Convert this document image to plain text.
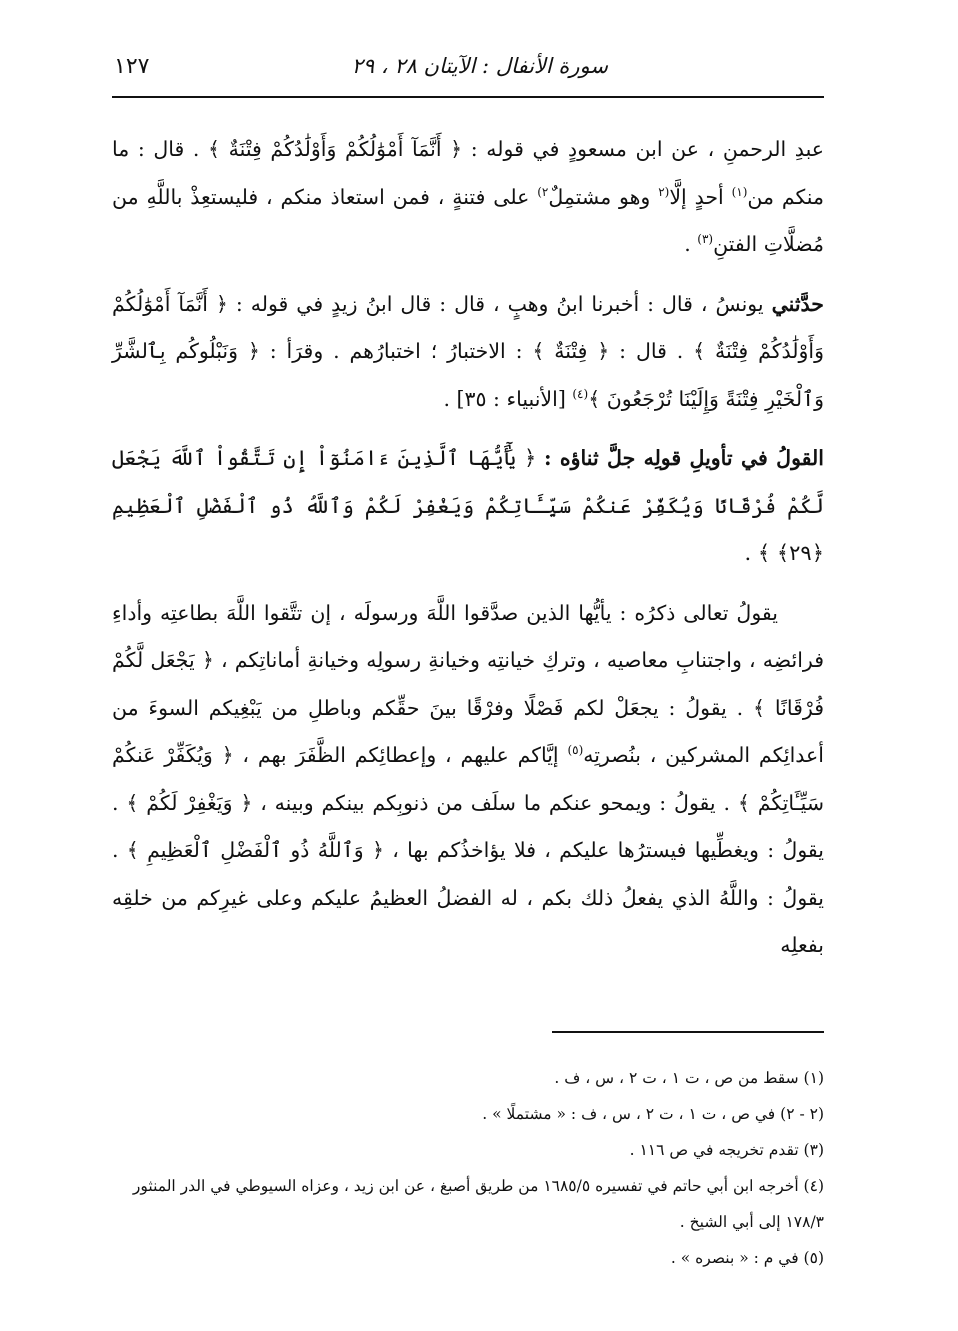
سورة الأنفال : الآيتان ٢٨ ، ٢٩
١٢٧

عبدِ الرحمنِ ، عن ابن مسعودٍ في قوله : ﴿ أَنَّمَآ أَمْوَٰلُكُمْ وَأَوْلَٰدُكُمْ فِتْنَةٌ ﴾ . قال : ما منكم من$^{(١)}$ أحدٍ إلَّا$^{(٢}$ وهو مشتمِلٌ$^{٢)}$ على فتنةٍ ، فمن استعاذ منكم ، فليستعِذْ باللَّهِ من مُضلَّاتِ الفتنِ$^{(٣)}$ .

حدَّثني يونسُ ، قال : أخبرنا ابنُ وهبٍ ، قال : قال ابنُ زيدٍ في قوله : ﴿ أَنَّمَآ أَمْوَٰلُكُمْ وَأَوْلَٰدُكُمْ فِتْنَةٌ ﴾ . قال : ﴿ فِتْنَةٌ ﴾ : الاختبارُ ؛ اختبارُهم . وقرَأ : ﴿ وَنَبْلُوكُم بِٱلشَّرِّ وَٱلْخَيْرِ فِتْنَةً وَإِلَيْنَا تُرْجَعُونَ ﴾$^{(٤)}$ [الأنبياء : ٣٥] .

القولُ في تأويلِ قولِه جلَّ ثناؤه : ﴿ يَٰٓأَيُّهَا ٱلَّذِينَ ءَامَنُوٓاْ إِن تَتَّقُواْ ٱللَّهَ يَجْعَل لَّكُمْ فُرْقَانًا وَيُكَفِّرْ عَنكُمْ سَيِّـَٔاتِكُمْ وَيَغْفِرْ لَكُمْ وَٱللَّهُ ذُو ٱلْفَضْلِ ٱلْعَظِيمِ ﴿٢٩﴾ ﴾ .

يقولُ تعالى ذكرُه : يأيُّها الذين صدَّقوا اللَّهَ ورسولَه ، إن تتَّقوا اللَّهَ بطاعتِه وأداءِ فرائضِه ، واجتنابِ معاصيه ، وتركِ خيانتِه وخيانةِ رسولِه وخيانةِ أماناتِكم ، ﴿ يَجْعَل لَّكُمْ فُرْقَانًا ﴾ . يقولُ : يجعَلْ لكم فَصْلًا وفرْقًا بينَ حقِّكم وباطلِ من يَبْغِيكم السوءَ من أعدائِكم المشركين ، بنُصرتِه$^{(٥)}$ إيَّاكم عليهم ، وإعطائِكم الظَّفَرَ بهم ، ﴿ وَيُكَفِّرْ عَنكُمْ سَيِّـَٔاتِكُمْ ﴾ . يقولُ : ويمحو عنكم ما سلَف من ذنوبِكم بينكم وبينه ، ﴿ وَيَغْفِرْ لَكُمْ ﴾ . يقولُ : ويغطِّيها فيسترُها عليكم ، فلا يؤاخذُكم بها ، ﴿ وَٱللَّهُ ذُو ٱلْفَضْلِ ٱلْعَظِيمِ ﴾ . يقولُ : واللَّهُ الذي يفعلُ ذلك بكم ، له الفضلُ العظيمُ عليكم وعلى غيرِكم من خلقِه بفعلِه

(١) سقط من ص ، ت ١ ، ت ٢ ، س ، ف .

(٢ - ٢) في ص ، ت ١ ، ت ٢ ، س ، ف : « مشتملًا » .

(٣) تقدم تخريجه في ص ١١٦ .

(٤) أخرجه ابن أبي حاتم في تفسيره ١٦٨٥/٥ من طريق أصبغ ، عن ابن زيد ، وعزاه السيوطي في الدر المنثور

١٧٨/٣ إلى أبي الشيخ .

(٥) في م : « بنصره » .
